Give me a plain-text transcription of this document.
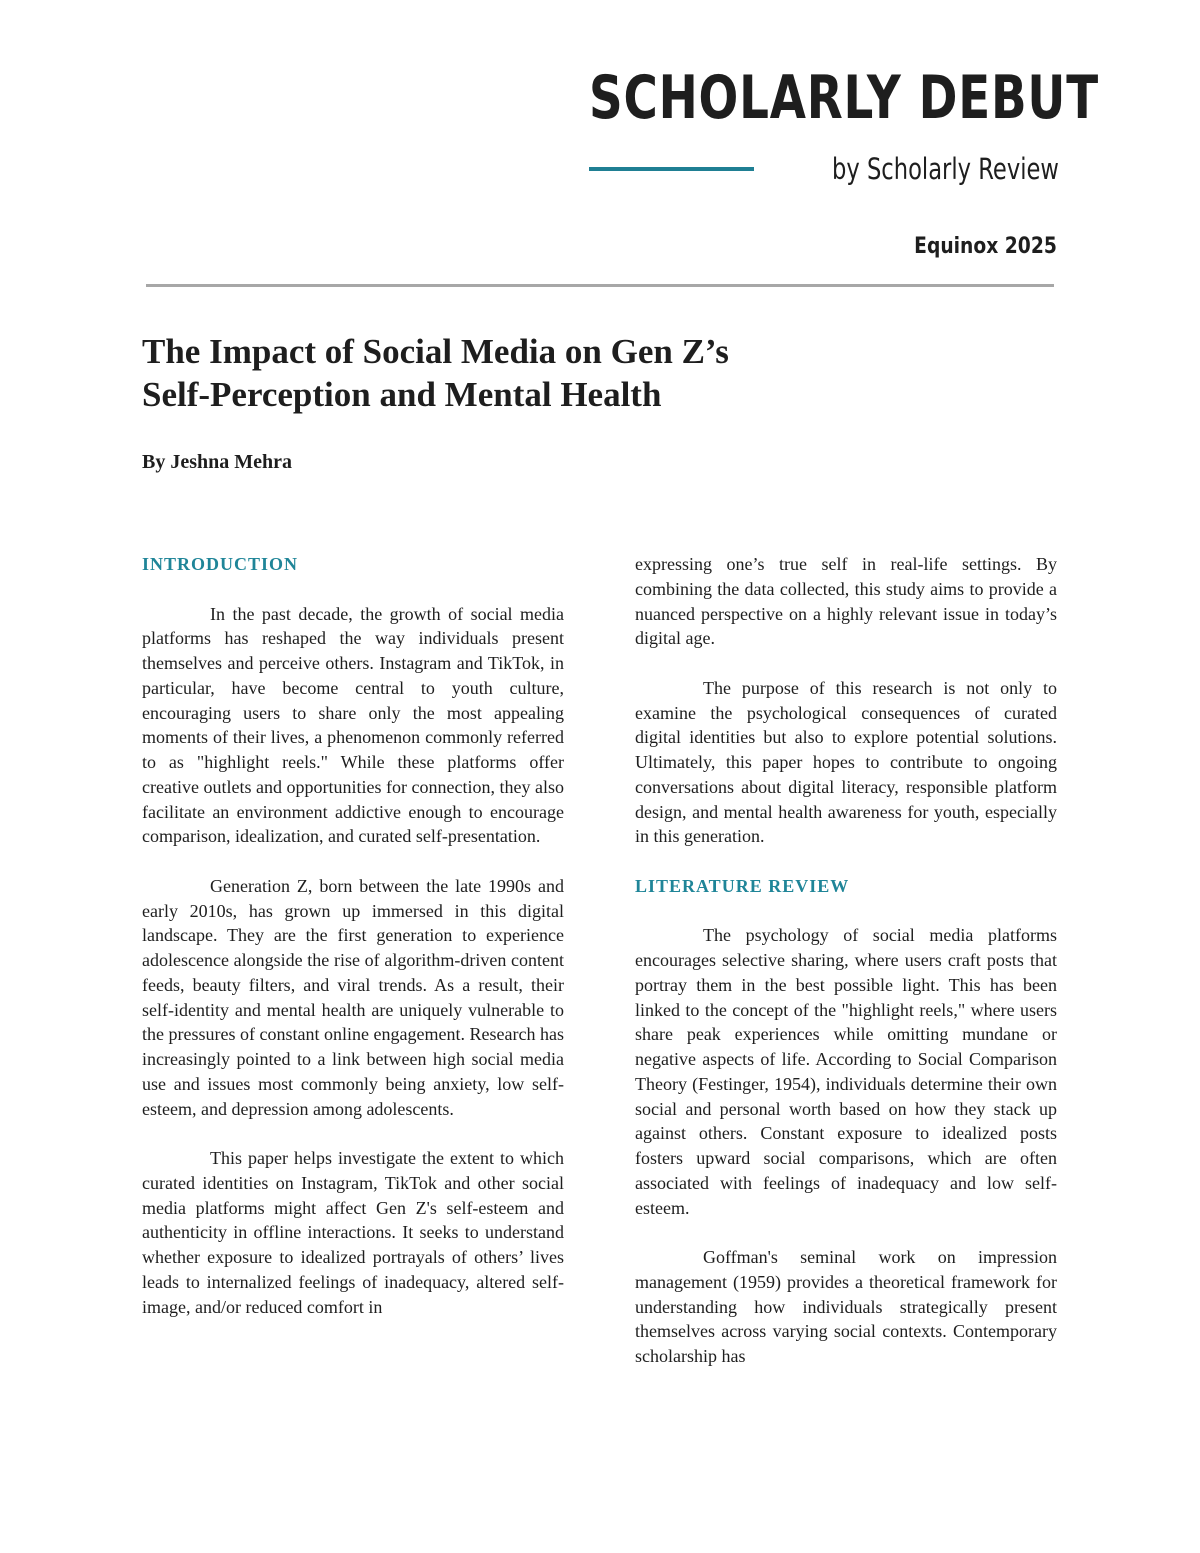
SCHOLARLY DEBUT
by Scholarly Review
Equinox 2025
The Impact of Social Media on Gen Z’s
Self-Perception and Mental Health
By Jeshna Mehra
INTRODUCTION

In the past decade, the growth of social media platforms has reshaped the way individuals present themselves and perceive others. Instagram and TikTok, in particular, have become central to youth culture, encouraging users to share only the most appealing moments of their lives, a phenomenon commonly referred to as "highlight reels." While these platforms offer creative outlets and opportunities for connection, they also facilitate an environment addictive enough to encourage comparison, idealization, and curated self-presentation.

Generation Z, born between the late 1990s and early 2010s, has grown up immersed in this digital landscape. They are the first generation to experience adolescence alongside the rise of algorithm-driven content feeds, beauty filters, and viral trends. As a result, their self-identity and mental health are uniquely vulnerable to the pressures of constant online engagement. Research has increasingly pointed to a link between high social media use and issues most commonly being anxiety, low self-esteem, and depression among adolescents.

This paper helps investigate the extent to which curated identities on Instagram, TikTok and other social media platforms might affect Gen Z's self-esteem and authenticity in offline interactions. It seeks to understand whether exposure to idealized portrayals of others’ lives leads to internalized feelings of inadequacy, altered self-image, and/or reduced comfort in

expressing one’s true self in real-life settings. By combining the data collected, this study aims to provide a nuanced perspective on a highly relevant issue in today’s digital age.

The purpose of this research is not only to examine the psychological consequences of curated digital identities but also to explore potential solutions. Ultimately, this paper hopes to contribute to ongoing conversations about digital literacy, responsible platform design, and mental health awareness for youth, especially in this generation.

LITERATURE REVIEW

The psychology of social media platforms encourages selective sharing, where users craft posts that portray them in the best possible light. This has been linked to the concept of the "highlight reels," where users share peak experiences while omitting mundane or negative aspects of life. According to Social Comparison Theory (Festinger, 1954), individuals determine their own social and personal worth based on how they stack up against others. Constant exposure to idealized posts fosters upward social comparisons, which are often associated with feelings of inadequacy and low self-esteem.

Goffman's seminal work on impression management (1959) provides a theoretical framework for understanding how individuals strategically present themselves across varying social contexts. Contemporary scholarship has
